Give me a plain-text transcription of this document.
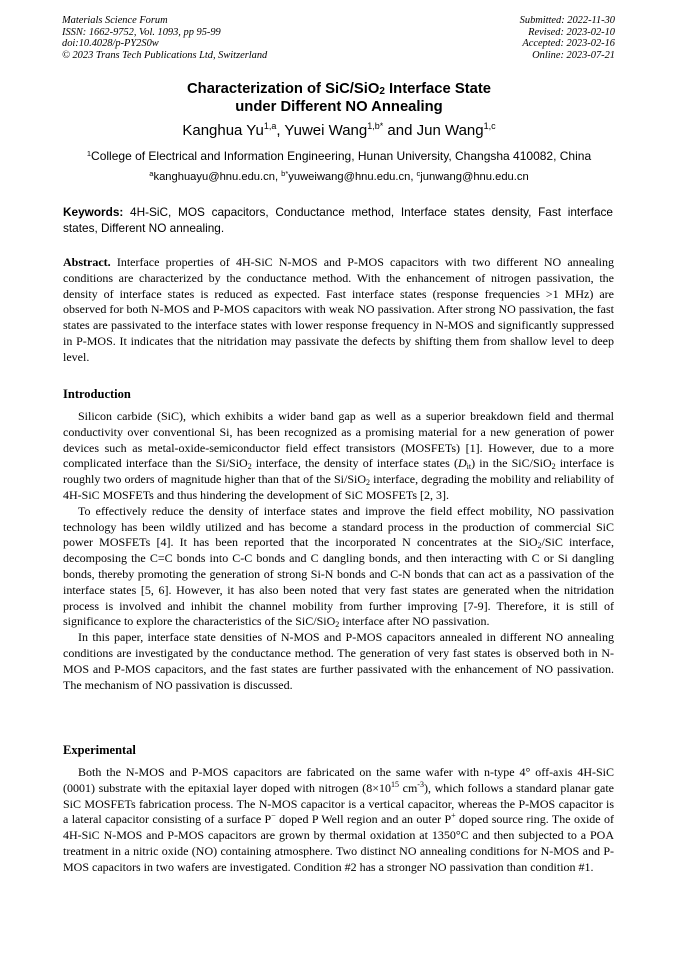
Materials Science Forum
ISSN: 1662-9752, Vol. 1093, pp 95-99
doi:10.4028/p-PY2S0w
© 2023 Trans Tech Publications Ltd, Switzerland
Submitted: 2022-11-30
Revised: 2023-02-10
Accepted: 2023-02-16
Online: 2023-07-21
Characterization of SiC/SiO$_2$ Interface State
under Different NO Annealing
Kanghua Yu$^{1,a}$, Yuwei Wang$^{1,b*}$ and Jun Wang$^{1,c}$
$^1$College of Electrical and Information Engineering, Hunan University, Changsha 410082, China
$^a$kanghuayu@hnu.edu.cn, $^{b*}$yuweiwang@hnu.edu.cn, $^c$junwang@hnu.edu.cn
Keywords: 4H-SiC, MOS capacitors, Conductance method, Interface states density, Fast interface states, Different NO annealing.

Abstract. Interface properties of 4H-SiC N-MOS and P-MOS capacitors with two different NO annealing conditions are characterized by the conductance method. With the enhancement of nitrogen passivation, the density of interface states is reduced as expected. Fast interface states (response frequencies >1 MHz) are observed for both N-MOS and P-MOS capacitors with weak NO passivation. After strong NO passivation, the fast states are passivated to the interface states with lower response frequency in N-MOS and significantly suppressed in P-MOS. It indicates that the nitridation may passivate the defects by shifting them from shallow level to deep level.

Introduction

Silicon carbide (SiC), which exhibits a wider band gap as well as a superior breakdown field and thermal conductivity over conventional Si, has been recognized as a promising material for a new generation of power devices such as metal-oxide-semiconductor field effect transistors (MOSFETs) [1]. However, due to a more complicated interface than the Si/SiO$_2$ interface, the density of interface states $(D_{it})$ in the SiC/SiO$_2$ interface is roughly two orders of magnitude higher than that of the Si/SiO$_2$ interface, degrading the mobility and reliability of 4H-SiC MOSFETs and thus hindering the development of SiC MOSFETs [2, 3].

To effectively reduce the density of interface states and improve the field effect mobility, NO passivation technology has been wildly utilized and has become a standard process in the production of commercial SiC power MOSFETs [4]. It has been reported that the incorporated N concentrates at the SiO$_2$/SiC interface, decomposing the C=C bonds into C-C bonds and C dangling bonds, and then interacting with C or Si dangling bonds, thereby promoting the generation of strong Si-N bonds and C-N bonds that can act as a passivation of the interface states [5, 6]. However, it has also been noted that very fast states are generated when the nitridation process is involved and inhibit the channel mobility from further improving [7-9]. Therefore, it is still of significance to explore the characteristics of the SiC/SiO$_2$ interface after NO passivation.

In this paper, interface state densities of N-MOS and P-MOS capacitors annealed in different NO annealing conditions are investigated by the conductance method. The generation of very fast states is observed both in N-MOS and P-MOS capacitors, and the fast states are further passivated with the enhancement of NO passivation. The mechanism of NO passivation is discussed.

Experimental

Both the N-MOS and P-MOS capacitors are fabricated on the same wafer with n-type 4° off-axis 4H-SiC (0001) substrate with the epitaxial layer doped with nitrogen ($8\times 10^{15}$ $cm^{-3}$), which follows a standard planar gate SiC MOSFETs fabrication process. The N-MOS capacitor is a vertical capacitor, whereas the P-MOS capacitor is a lateral capacitor consisting of a surface P− doped P Well region and an outer P+ doped source ring. The oxide of 4H-SiC N-MOS and P-MOS capacitors are grown by thermal oxidation at 1350°C and then subjected to a POA treatment in a nitric oxide (NO) containing atmosphere. Two distinct NO annealing conditions for N-MOS and P-MOS capacitors in two wafers are investigated. Condition #2 has a stronger NO passivation than condition #1.
